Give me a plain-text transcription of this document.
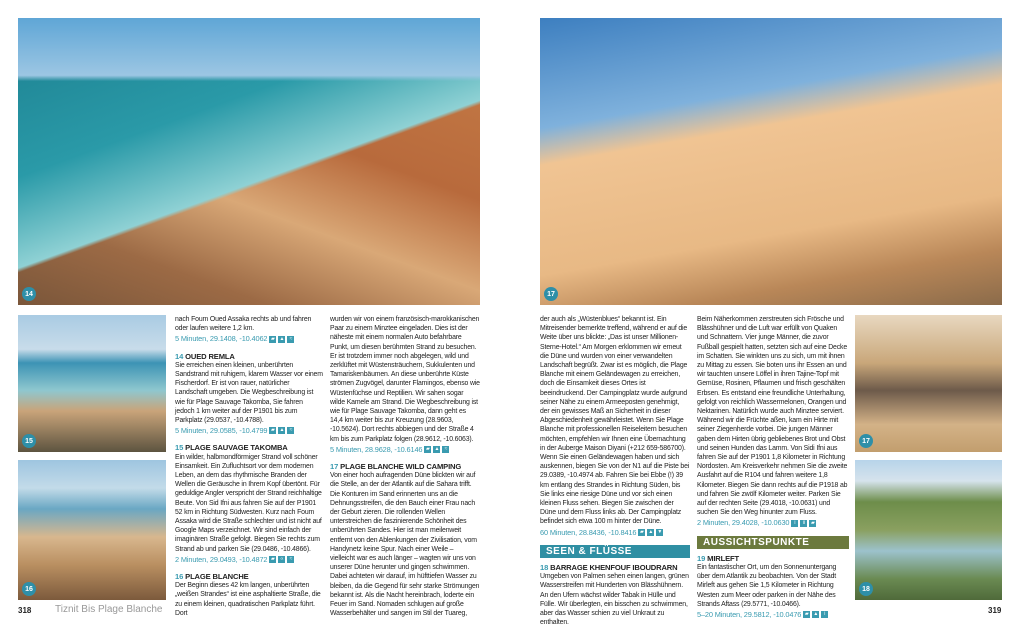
14
15
16
17
17
18

nach Foum Oued Assaka rechts ab und fahren oder laufen weitere 1,2 km.

5 Minuten, 29.1408, -10.4062 ▰ ▲	≈
14 OUED REMLA

Sie erreichen einen kleinen, unberührten Sandstrand mit ruhigem, klarem Wasser vor einem Fischerdorf. Er ist von rauer, natürlicher Landschaft umgeben. Die Wegbeschreibung ist wie für Plage Sauvage Takomba, Sie fahren jedoch 1 km weiter auf der P1901 bis zum Parkplatz (29.0537, -10.4788).

5 Minuten, 29.0585, -10.4799 ▰ ▲	≈
15 PLAGE SAUVAGE TAKOMBA

Ein wilder, halbmondförmiger Strand voll schöner Einsamkeit. Ein Zufluchtsort vor dem modernen Leben, an dem das rhythmische Branden der Wellen die Geräusche in Ihrem Kopf übertönt. Für geduldige Angler verspricht der Strand reichhaltige Beute. Von Sid Ifni aus fahren Sie auf der P1901 52 km in Richtung Südwesten. Kurz nach Foum Assaka wird die Straße schlechter und ist nicht auf Google Maps verzeichnet. Wir sind einfach der imaginären Straße gefolgt. Biegen Sie rechts zum Strand ab und parken Sie (29.0486, -10.4866).

2 Minuten, 29.0493, -10.4872 ▰	∝	≈
16 PLAGE BLANCHE

Der Beginn dieses 42 km langen, unberührten „weißen Strandes“ ist eine asphaltierte Straße, die zu einem kleinen, quadratischen Parkplatz führt. Dort

wurden wir von einem französisch-marokkanischen Paar zu einem Minztee eingeladen. Dies ist der näheste mit einem normalen Auto befahrbare Punkt, um diesen berühmten Strand zu besuchen. Er ist trotzdem immer noch abgelegen, wild und zerklüftet mit Wüstensträuchern, Sukkulenten und Tamariskenbäumen. An diese unberührte Küste strömen Zugvögel, darunter Flamingos, ebenso wie Wüstenfüchse und Reptilien. Wir sahen sogar wilde Kamele am Strand. Die Wegbeschreibung ist wie für Plage Sauvage Takomba, dann geht es 14,4 km weiter bis zur Kreuzung (28.9603, -10.5624). Dort rechts abbiegen und der Straße 4 km bis zum Parkplatz folgen (28.9612, -10.6063).

5 Minuten, 28.9628, -10.6146 ▰ ▲	≈
17 PLAGE BLANCHE WILD CAMPING

Von einer hoch aufragenden Düne blickten wir auf die Stelle, an der der Atlantik auf die Sahara trifft. Die Konturen im Sand erinnerten uns an die Dehnungsstreifen, die den Bauch einer Frau nach der Geburt zieren. Die rollenden Wellen unterstreichen die faszinierende Schönheit des unberührten Sandes. Hier ist man meilenweit entfernt von den Ablenkungen der Zivilisation, vom Handynetz keine Spur. Nach einer Weile – vielleicht war es auch länger – wagten wir uns von unserer Düne herunter und gingen schwimmen. Dabei achteten wir darauf, im hüfttiefen Wasser zu bleiben, da die Gegend für sehr starke Strömungen bekannt ist. Als die Nacht hereinbrach, loderte ein Feuer im Sand. Nomaden schlugen auf große Wasserbehälter und sangen im Stil der Tuareg,

der auch als „Wüstenblues“ bekannt ist. Ein Mitreisender bemerkte treffend, während er auf die Weite über uns blickte: „Das ist unser Millionen-Sterne-Hotel.“ Am Morgen erklommen wir erneut die Düne und wurden von einer verwandelten Landschaft begrüßt. Zwar ist es möglich, die Plage Blanche mit einem Geländewagen zu erreichen, doch die Einsamkeit dieses Ortes ist beeindruckend. Der Campingplatz wurde aufgrund seiner Nähe zu einem Armeeposten genehmigt, der ein gewisses Maß an Sicherheit in dieser Abgeschiedenheit gewährleistet. Wenn Sie Plage Blanche mit professionellen Reiseleitern besuchen möchten, empfehlen wir Ihnen eine Übernachtung in der Auberge Maison Diyani (+212 659-586700). Wenn Sie einen Geländewagen haben und sich auskennen, biegen Sie von der N1 auf die Piste bei 29.0389, -10.4974 ab. Fahren Sie bei Ebbe (!) 39 km entlang des Strandes in Richtung Süden, bis Sie links eine riesige Düne und vor sich einen kleinen Fluss sehen. Biegen Sie zwischen der Düne und dem Fluss links ab. Der Campingplatz befindet sich etwa 100 m hinter der Düne.

60 Minuten, 28.8436, -10.8416 ▰ ▲ ▼
SEEN & FLÜSSE
18 BARRAGE KHENFOUF IBOUDRARN

Umgeben von Palmen sehen einen langen, grünen Wasserstreifen mit Hunderten von Blässhühnern. An den Ufern wächst wilder Tabak in Hülle und Fülle. Wir überlegten, ein bisschen zu schwimmen, aber das Wasser schien zu viel Unkraut zu enthalten.

Beim Näherkommen zerstreuten sich Frösche und Blässhühner und die Luft war erfüllt von Quaken und Schnattern. Vier junge Männer, die zuvor Fußball gespielt hatten, setzten sich auf eine Decke im Schatten. Sie winkten uns zu sich, um mit ihnen zu Mittag zu essen. Sie boten uns ihr Essen an und wir tauchten unsere Löffel in ihren Tajine-Topf mit Gemüse, Rosinen, Pflaumen und frisch geschälten Erbsen. Es entstand eine freundliche Unterhaltung, gefolgt von reichlich Wassermelonen, Orangen und Nektarinen. Natürlich wurde auch Minztee serviert. Während wir die Früchte aßen, kam ein Hirte mit seiner Ziegenherde vorbei. Die jungen Männer gaben dem Hirten übrig gebliebenes Brot und Obst und seinen Hunden das Lamm. Von Sidi Ifni aus fahren Sie auf der P1901 1,8 Kilometer in Richtung Nordosten. Am Kreisverkehr nehmen Sie die zweite Ausfahrt auf die R104 und fahren weitere 1,8 Kilometer. Biegen Sie dann rechts auf die P1918 ab und fahren Sie zwölf Kilometer weiter. Parken Sie auf der rechten Seite (29.4018, -10.0631) und suchen Sie den Weg hinunter zum Fluss.

2 Minuten, 29.4028, -10.0630	i	ii	▰
AUSSICHTSPUNKTE
19 MIRLEFT

Ein fantastischer Ort, um den Sonnenuntergang über dem Atlantik zu beobachten. Von der Stadt Mirleft aus gehen Sie 1,5 Kilometer in Richtung Westen zum Meer oder parken in der Nähe des Strands Aftass (29.5771, -10.0466).

5–20 Minuten, 29.5812, -10.0476 ▰ ▲	i
318 Tiznit Bis Plage Blanche	319
